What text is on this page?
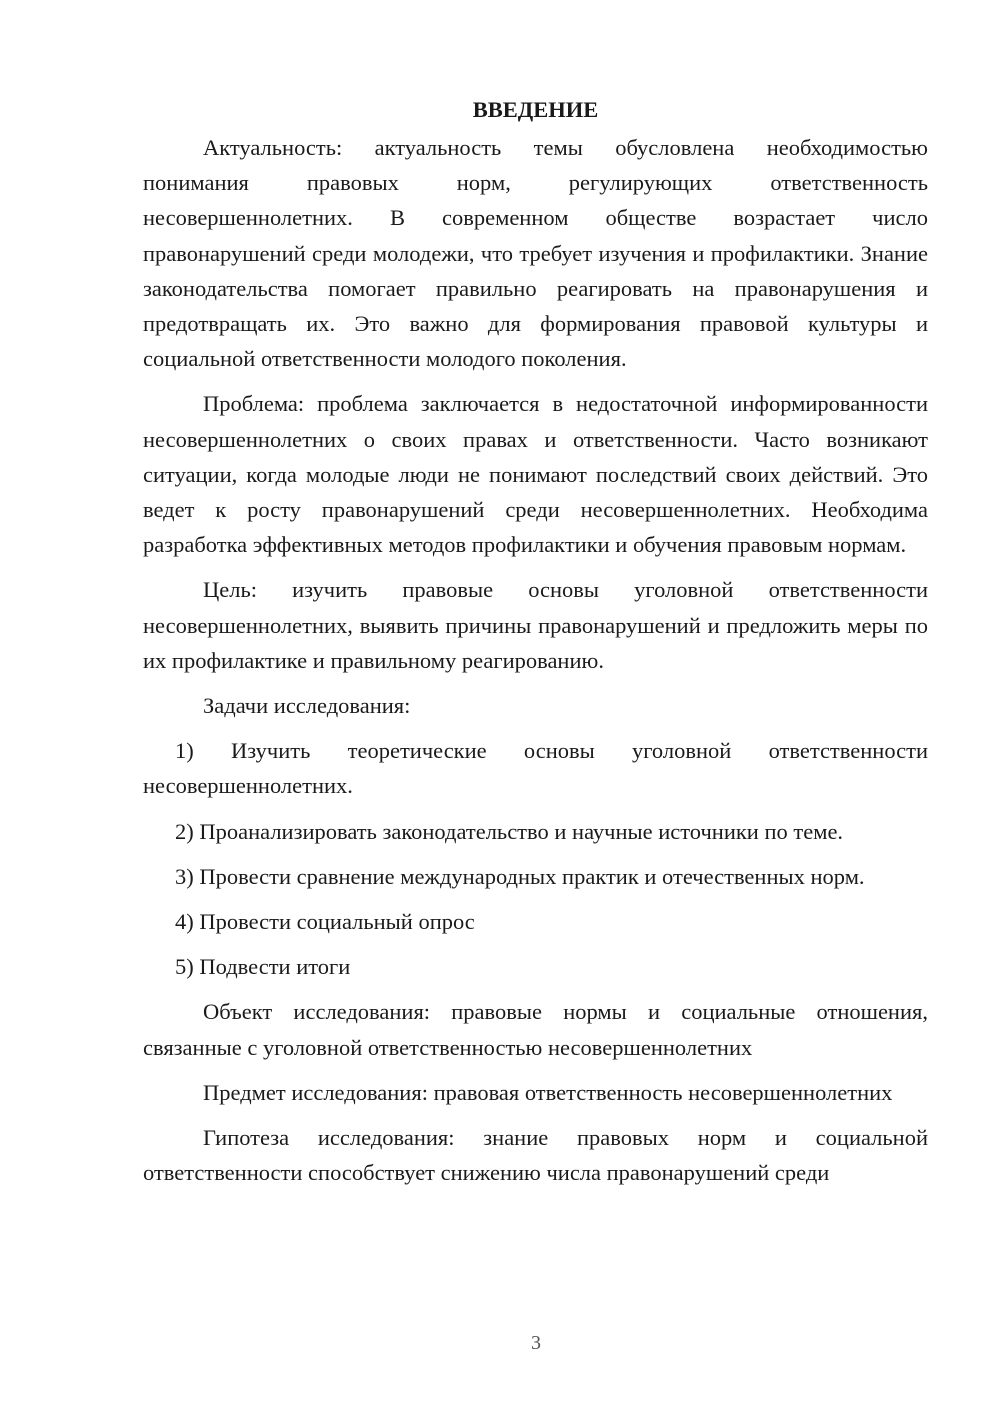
ВВЕДЕНИЕ

Актуальность: актуальность темы обусловлена необходимостью понимания правовых норм, регулирующих ответственность несовершеннолетних. В современном обществе возрастает число правонарушений среди молодежи, что требует изучения и профилактики. Знание законодательства помогает правильно реагировать на правонарушения и предотвращать их. Это важно для формирования правовой культуры и социальной ответственности молодого поколения.

Проблема: проблема заключается в недостаточной информированности несовершеннолетних о своих правах и ответственности. Часто возникают ситуации, когда молодые люди не понимают последствий своих действий. Это ведет к росту правонарушений среди несовершеннолетних. Необходима разработка эффективных методов профилактики и обучения правовым нормам.

Цель: изучить правовые основы уголовной ответственности несовершеннолетних, выявить причины правонарушений и предложить меры по их профилактике и правильному реагированию.

Задачи исследования:

1) Изучить теоретические основы уголовной ответственности несовершеннолетних.

2) Проанализировать законодательство и научные источники по теме.

3) Провести сравнение международных практик и отечественных норм.

4) Провести социальный опрос

5) Подвести итоги

Объект исследования: правовые нормы и социальные отношения, связанные с уголовной ответственностью несовершеннолетних

Предмет исследования: правовая ответственность несовершеннолетних

Гипотеза исследования: знание правовых норм и социальной ответственности способствует снижению числа правонарушений среди

3
